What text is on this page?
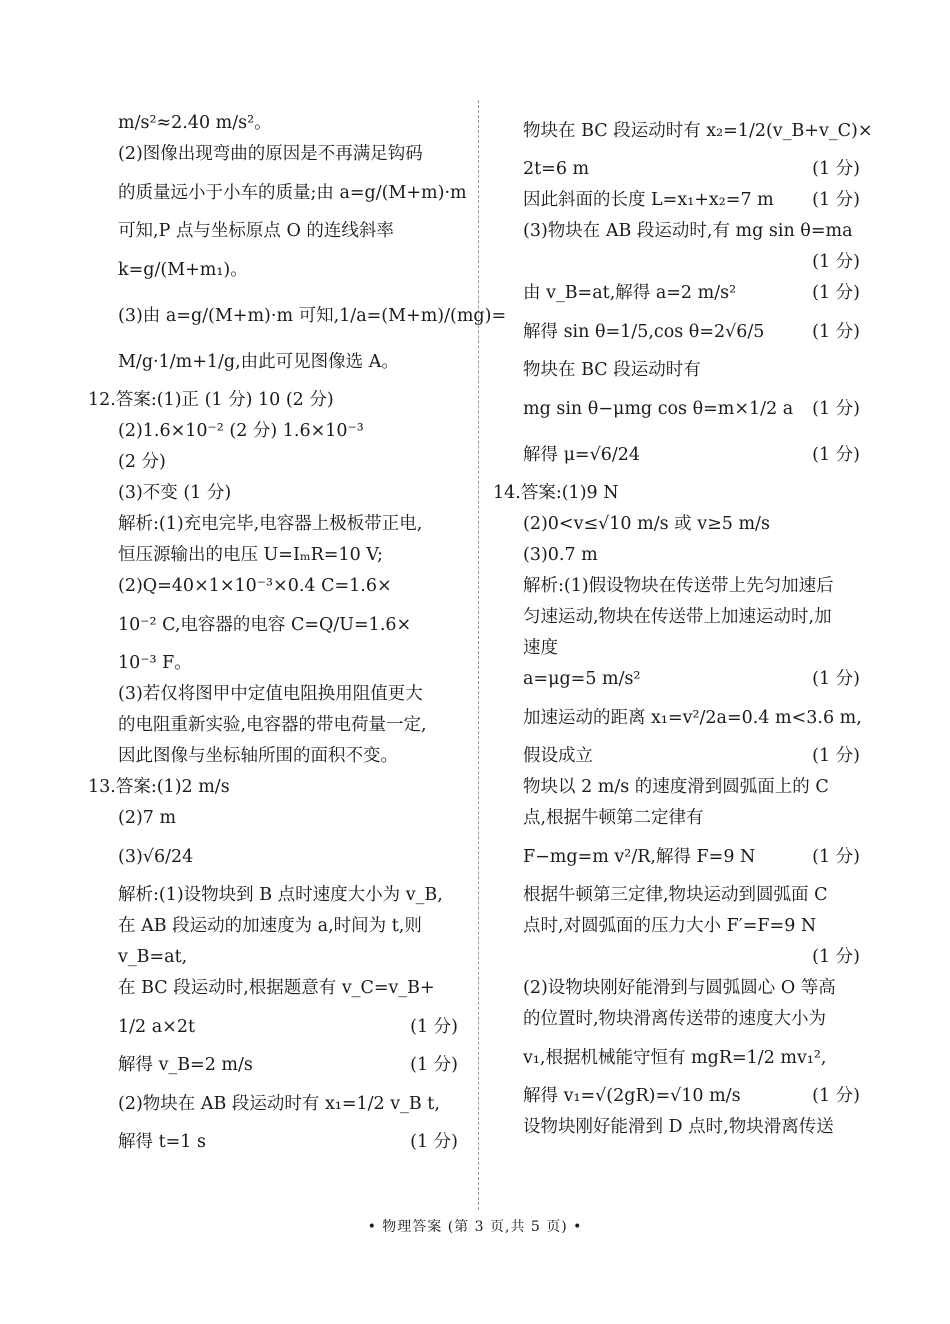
m/s²≈2.40 m/s²。
(2)图像出现弯曲的原因是不再满足钩码
的质量远小于小车的质量;由 a=g/(M+m)·m
可知,P 点与坐标原点 O 的连线斜率
k=g/(M+m₁)。
(3)由 a=g/(M+m)·m 可知,1/a=(M+m)/(mg)=
M/g·1/m+1/g,由此可见图像选 A。
12.答案:(1)正 (1 分) 10 (2 分)
(2)1.6×10⁻² (2 分) 1.6×10⁻³
(2 分)
(3)不变 (1 分)
解析:(1)充电完毕,电容器上极板带正电,
恒压源输出的电压 U=IₘR=10 V;
(2)Q=40×1×10⁻³×0.4 C=1.6×
10⁻² C,电容器的电容 C=Q/U=1.6×
10⁻³ F。
(3)若仅将图甲中定值电阻换用阻值更大
的电阻重新实验,电容器的带电荷量一定,
因此图像与坐标轴所围的面积不变。
13.答案:(1)2 m/s
(2)7 m
(3)√6/24
解析:(1)设物块到 B 点时速度大小为 v_B,
在 AB 段运动的加速度为 a,时间为 t,则
v_B=at,
在 BC 段运动时,根据题意有 v_C=v_B+
1/2 a×2t	(1 分)
解得 v_B=2 m/s	(1 分)
(2)物块在 AB 段运动时有 x₁=1/2 v_B t,
解得 t=1 s	(1 分)
物块在 BC 段运动时有 x₂=1/2(v_B+v_C)×
2t=6 m	(1 分)
因此斜面的长度 L=x₁+x₂=7 m (1 分)
(3)物块在 AB 段运动时,有 mg sin θ=ma
(1 分)
由 v_B=at,解得 a=2 m/s²	(1 分)
解得 sin θ=1/5,cos θ=2√6/5	(1 分)
物块在 BC 段运动时有
mg sin θ−μmg cos θ=m×1/2 a (1 分)
解得 μ=√6/24	(1 分)
14.答案:(1)9 N
(2)0<v≤√10 m/s 或 v≥5 m/s
(3)0.7 m
解析:(1)假设物块在传送带上先匀加速后
匀速运动,物块在传送带上加速运动时,加
速度
a=μg=5 m/s²	(1 分)
加速运动的距离 x₁=v²/2a=0.4 m<3.6 m,
假设成立	(1 分)
物块以 2 m/s 的速度滑到圆弧面上的 C
点,根据牛顿第二定律有
F−mg=m v²/R,解得 F=9 N	(1 分)
根据牛顿第三定律,物块运动到圆弧面 C
点时,对圆弧面的压力大小 F′=F=9 N
(1 分)
(2)设物块刚好能滑到与圆弧圆心 O 等高
的位置时,物块滑离传送带的速度大小为
v₁,根据机械能守恒有 mgR=1/2 mv₁²,
解得 v₁=√(2gR)=√10 m/s	(1 分)
设物块刚好能滑到 D 点时,物块滑离传送
• 物理答案 (第 3 页,共 5 页) •
